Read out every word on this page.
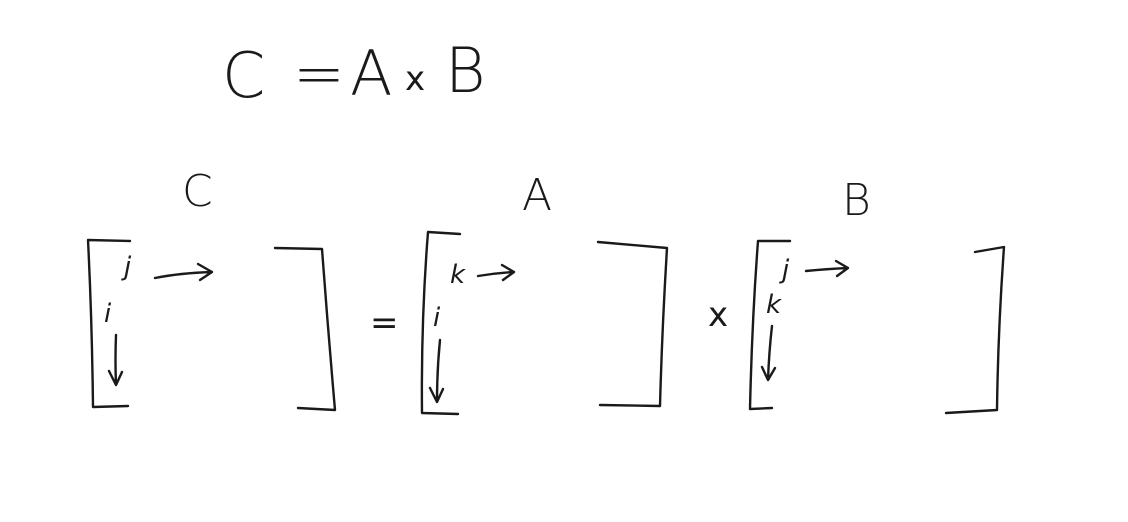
C = A x B
C
j
i	=
A
k
i	x
B
j
k
